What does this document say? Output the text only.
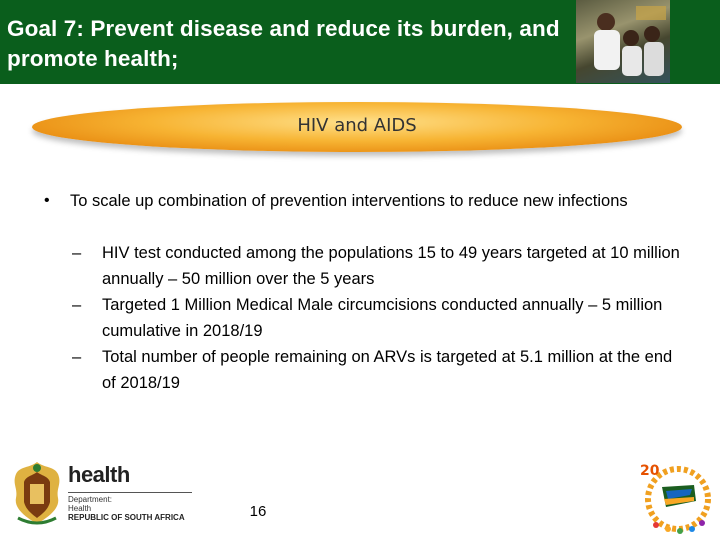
Goal 7: Prevent disease and reduce its burden, and promote health;
HIV and AIDS
• To scale up combination of prevention interventions to reduce new infections
– HIV test conducted among the populations 15 to 49 years targeted at 10 million annually – 50 million over the 5 years
– Targeted 1 Million Medical Male circumcisions conducted annually – 5 million cumulative in 2018/19
– Total number of people remaining on ARVs is targeted at 5.1 million at the end of 2018/19
health
Department:
Health
REPUBLIC OF SOUTH AFRICA	16
20
